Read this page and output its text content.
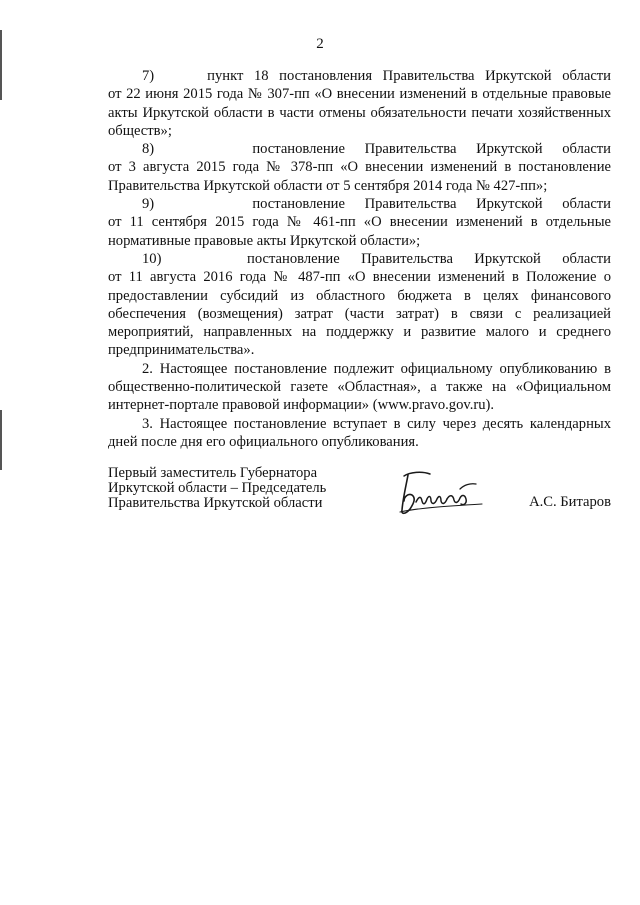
2

7)     пункт 18 постановления Правительства Иркутской области
от 22 июня 2015 года № 307-пп «О внесении изменений в отдельные правовые акты Иркутской области в части отмены обязательности печати хозяйственных обществ»;

8)     постановление Правительства Иркутской области
от 3 августа 2015 года № 378-пп «О внесении изменений в постановление Правительства Иркутской области от 5 сентября 2014 года № 427-пп»;

9)     постановление Правительства Иркутской области
от 11 сентября 2015 года № 461-пп «О внесении изменений в отдельные нормативные правовые акты Иркутской области»;

10)    постановление Правительства Иркутской области
от 11 августа 2016 года № 487-пп «О внесении изменений в Положение о предоставлении субсидий из областного бюджета в целях финансового обеспечения (возмещения) затрат (части затрат) в связи с реализацией мероприятий, направленных на поддержку и развитие малого и среднего предпринимательства».

2. Настоящее постановление подлежит официальному опубликованию в общественно-политической газете «Областная», а также на «Официальном интернет-портале правовой информации» (www.pravo.gov.ru).

3. Настоящее постановление вступает в силу через десять календарных дней после дня его официального опубликования.

Первый заместитель Губернатора
Иркутской области – Председатель
Правительства Иркутской области	А.С. Битаров
